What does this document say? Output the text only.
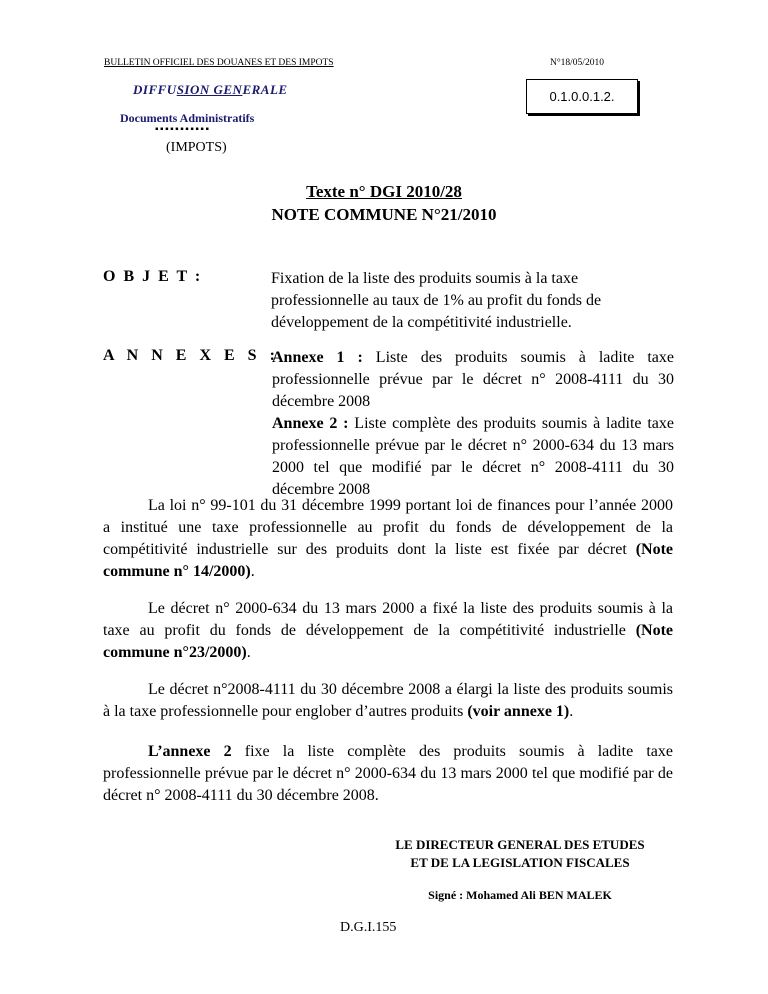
BULLETIN OFFICIEL DES DOUANES ET DES IMPOTS	N°18/05/2010
DIFFUSION GENERALE	0.1.0.0.1.2.
Documents Administratifs
▪▪▪▪▪▪▪▪▪▪▪
(IMPOTS)
Texte n° DGI 2010/28
NOTE COMMUNE N°21/2010
O B J E T :	Fixation de la liste des produits soumis à la taxe professionnelle au taux de 1% au profit du fonds de développement de la compétitivité industrielle.
A N N E X E S :

Annexe 1 : Liste des produits soumis à ladite taxe professionnelle prévue par le décret n° 2008-4111 du 30 décembre 2008

Annexe 2 : Liste complète des produits soumis à ladite taxe professionnelle prévue par le décret n° 2000-634 du 13 mars 2000 tel que modifié par le décret n° 2008-4111 du 30 décembre 2008

La loi n° 99-101 du 31 décembre 1999 portant loi de finances pour l’année 2000 a institué une taxe professionnelle au profit du fonds de développement de la compétitivité industrielle sur des produits dont la liste est fixée par décret (Note commune n° 14/2000).

Le décret n° 2000-634 du 13 mars 2000 a fixé la liste des produits soumis à la taxe au profit du fonds de développement de la compétitivité industrielle (Note commune n°23/2000).

Le décret n°2008-4111 du 30 décembre 2008 a élargi la liste des produits soumis à la taxe professionnelle pour englober d’autres produits (voir annexe 1).

L’annexe 2 fixe la liste complète des produits soumis à ladite taxe professionnelle prévue par le décret n° 2000-634 du 13 mars 2000 tel que modifié par de décret n° 2008-4111 du 30 décembre 2008.

LE DIRECTEUR GENERAL DES ETUDES
ET DE LA LEGISLATION FISCALES
Signé : Mohamed Ali BEN MALEK
D.G.I.155
